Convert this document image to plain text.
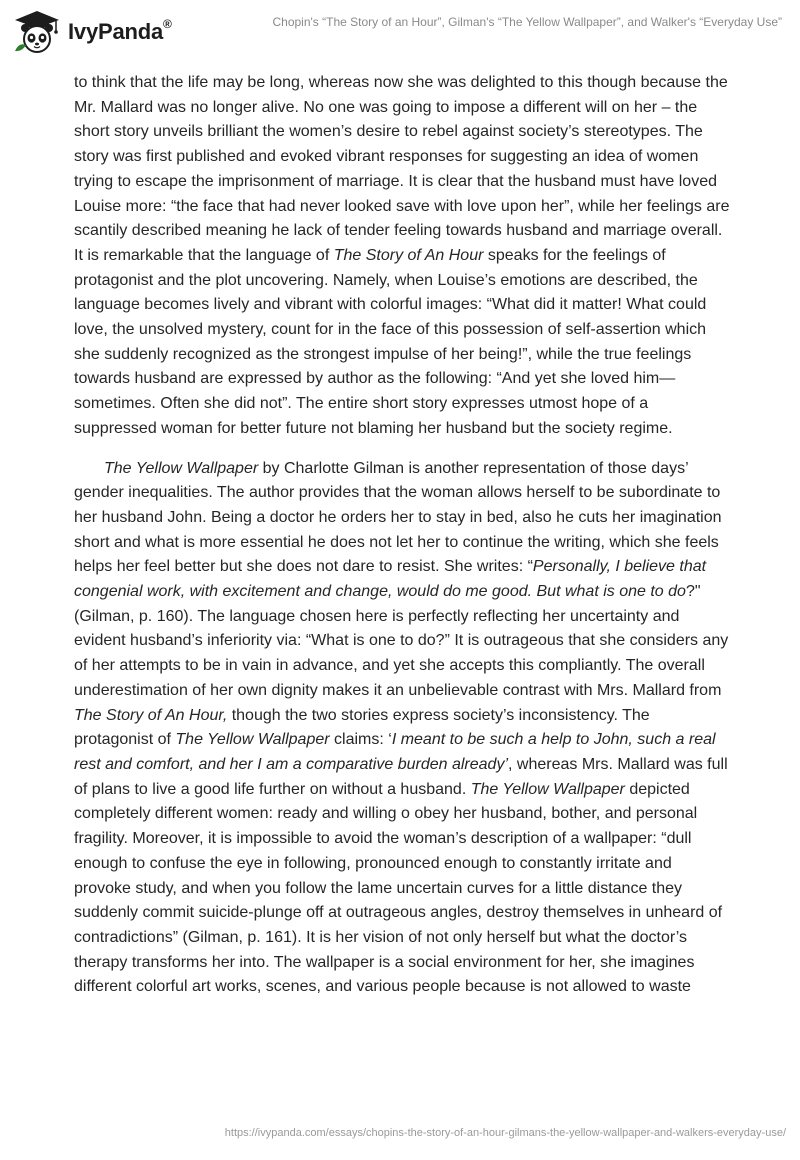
IvyPanda®	Chopin's “The Story of an Hour”, Gilman's “The Yellow Wallpaper”, and Walker's “Everyday Use”

to think that the life may be long, whereas now she was delighted to this though because the Mr. Mallard was no longer alive. No one was going to impose a different will on her – the short story unveils brilliant the women’s desire to rebel against society’s stereotypes. The story was first published and evoked vibrant responses for suggesting an idea of women trying to escape the imprisonment of marriage. It is clear that the husband must have loved Louise more: “the face that had never looked save with love upon her”, while her feelings are scantily described meaning he lack of tender feeling towards husband and marriage overall. It is remarkable that the language of The Story of An Hour speaks for the feelings of protagonist and the plot uncovering. Namely, when Louise’s emotions are described, the language becomes lively and vibrant with colorful images: “What did it matter! What could love, the unsolved mystery, count for in the face of this possession of self-assertion which she suddenly recognized as the strongest impulse of her being!”, while the true feelings towards husband are expressed by author as the following: “And yet she loved him—sometimes. Often she did not”. The entire short story expresses utmost hope of a suppressed woman for better future not blaming her husband but the society regime.

The Yellow Wallpaper by Charlotte Gilman is another representation of those days’ gender inequalities. The author provides that the woman allows herself to be subordinate to her husband John. Being a doctor he orders her to stay in bed, also he cuts her imagination short and what is more essential he does not let her to continue the writing, which she feels helps her feel better but she does not dare to resist. She writes: “Personally, I believe that congenial work, with excitement and change, would do me good. But what is one to do?" (Gilman, p. 160). The language chosen here is perfectly reflecting her uncertainty and evident husband’s inferiority via: “What is one to do?” It is outrageous that she considers any of her attempts to be in vain in advance, and yet she accepts this compliantly. The overall underestimation of her own dignity makes it an unbelievable contrast with Mrs. Mallard from The Story of An Hour, though the two stories express society’s inconsistency. The protagonist of The Yellow Wallpaper claims: ‘I meant to be such a help to John, such a real rest and comfort, and her I am a comparative burden already’, whereas Mrs. Mallard was full of plans to live a good life further on without a husband. The Yellow Wallpaper depicted completely different women: ready and willing o obey her husband, bother, and personal fragility. Moreover, it is impossible to avoid the woman’s description of a wallpaper: “dull enough to confuse the eye in following, pronounced enough to constantly irritate and provoke study, and when you follow the lame uncertain curves for a little distance they suddenly commit suicide-plunge off at outrageous angles, destroy themselves in unheard of contradictions” (Gilman, p. 161). It is her vision of not only herself but what the doctor’s therapy transforms her into. The wallpaper is a social environment for her, she imagines different colorful art works, scenes, and various people because is not allowed to waste

https://ivypanda.com/essays/chopins-the-story-of-an-hour-gilmans-the-yellow-wallpaper-and-walkers-everyday-use/
